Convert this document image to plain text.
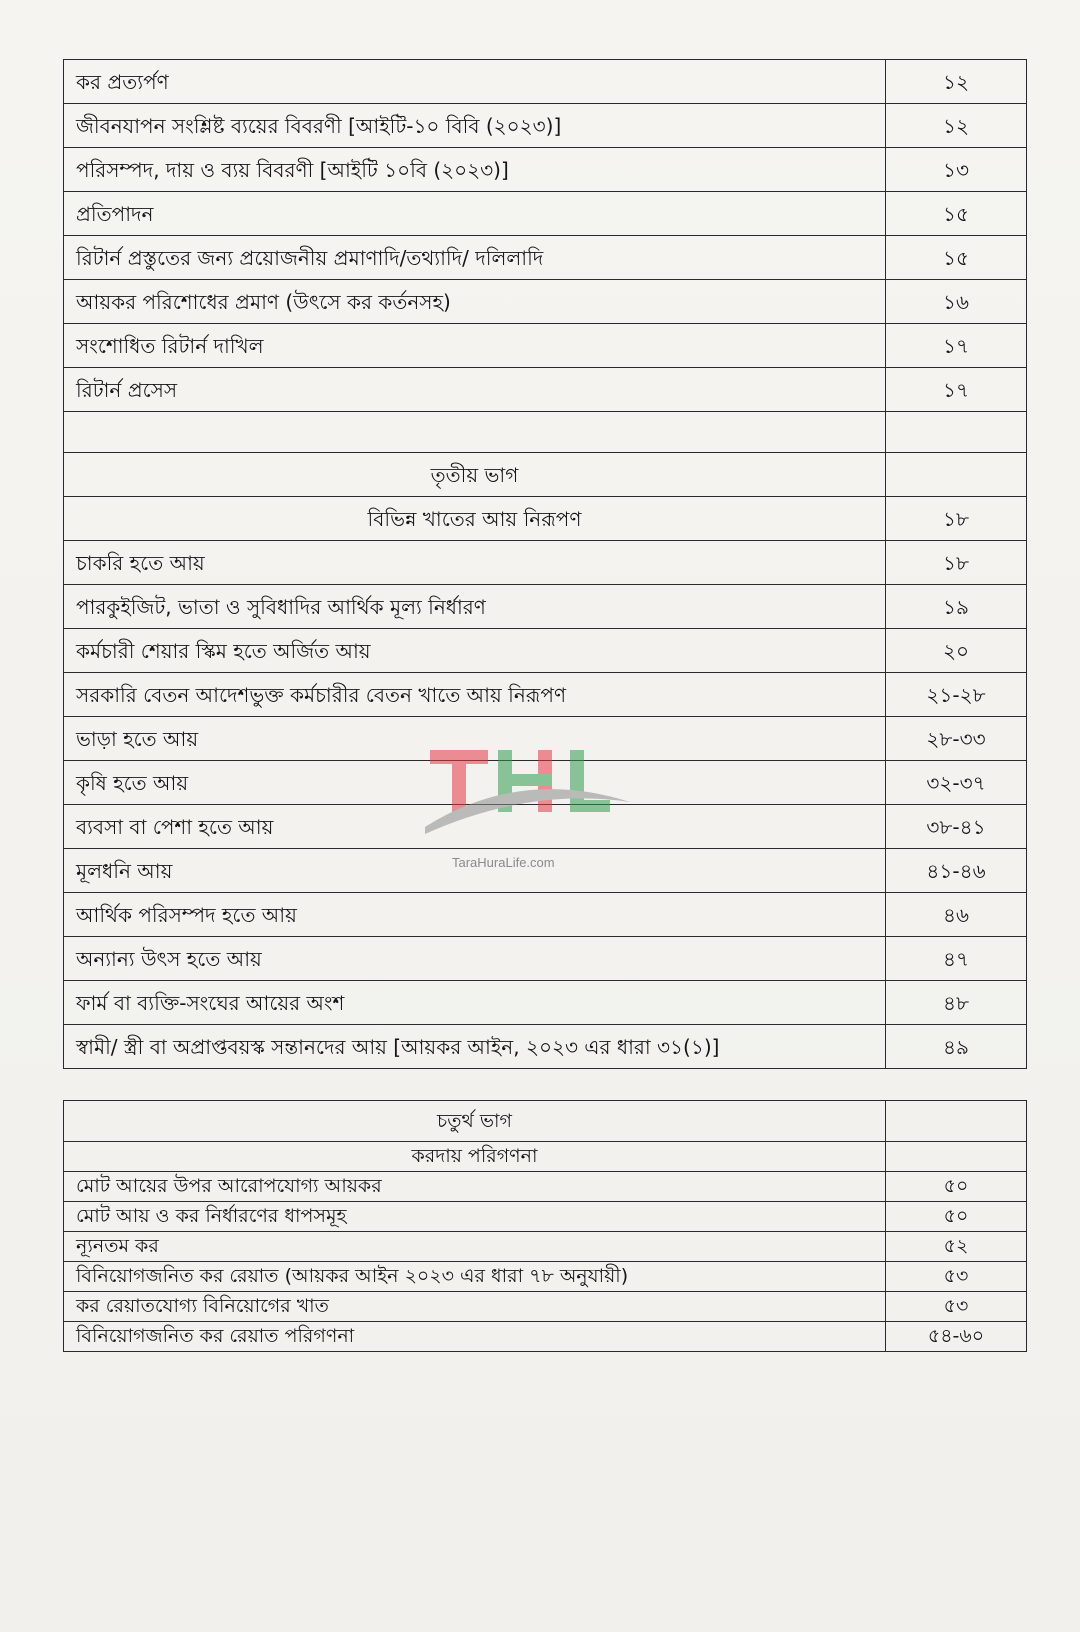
কর প্রত্যর্পণ	১২
জীবনযাপন সংশ্লিষ্ট ব্যয়ের বিবরণী [আইটি-১০ বিবি (২০২৩)]	১২
পরিসম্পদ, দায় ও ব্যয় বিবরণী [আইটি ১০বি (২০২৩)]	১৩
প্রতিপাদন	১৫
রিটার্ন প্রস্তুতের জন্য প্রয়োজনীয় প্রমাণাদি/তথ্যাদি/ দলিলাদি	১৫
আয়কর পরিশোধের প্রমাণ (উৎসে কর কর্তনসহ)	১৬
সংশোধিত রিটার্ন দাখিল	১৭
রিটার্ন প্রসেস	১৭

তৃতীয় ভাগ	
বিভিন্ন খাতের আয় নিরূপণ	১৮
চাকরি হতে আয়	১৮
পারকুইজিট, ভাতা ও সুবিধাদির আর্থিক মূল্য নির্ধারণ	১৯
কর্মচারী শেয়ার স্কিম হতে অর্জিত আয়	২০
সরকারি বেতন আদেশভুক্ত কর্মচারীর বেতন খাতে আয় নিরূপণ	২১-২৮
ভাড়া হতে আয়	২৮-৩৩
কৃষি হতে আয়	৩২-৩৭
ব্যবসা বা পেশা হতে আয়	৩৮-৪১
মূলধনি আয়	৪১-৪৬
আর্থিক পরিসম্পদ হতে আয়	৪৬
অন্যান্য উৎস হতে আয়	৪৭
ফার্ম বা ব্যক্তি-সংঘের আয়ের অংশ	৪৮
স্বামী/ স্ত্রী বা অপ্রাপ্তবয়স্ক সন্তানদের আয় [আয়কর আইন, ২০২৩ এর ধারা ৩১(১)]	৪৯
চতুর্থ ভাগ	
করদায় পরিগণনা	
মোট আয়ের উপর আরোপযোগ্য আয়কর	৫০
মোট আয় ও কর নির্ধারণের ধাপসমূহ	৫০
ন্যূনতম কর	৫২
বিনিয়োগজনিত কর রেয়াত (আয়কর আইন ২০২৩ এর ধারা ৭৮ অনুযায়ী)	৫৩
কর রেয়াতযোগ্য বিনিয়োগের খাত	৫৩
বিনিয়োগজনিত কর রেয়াত পরিগণনা	৫৪-৬০
TaraHuraLife.com
